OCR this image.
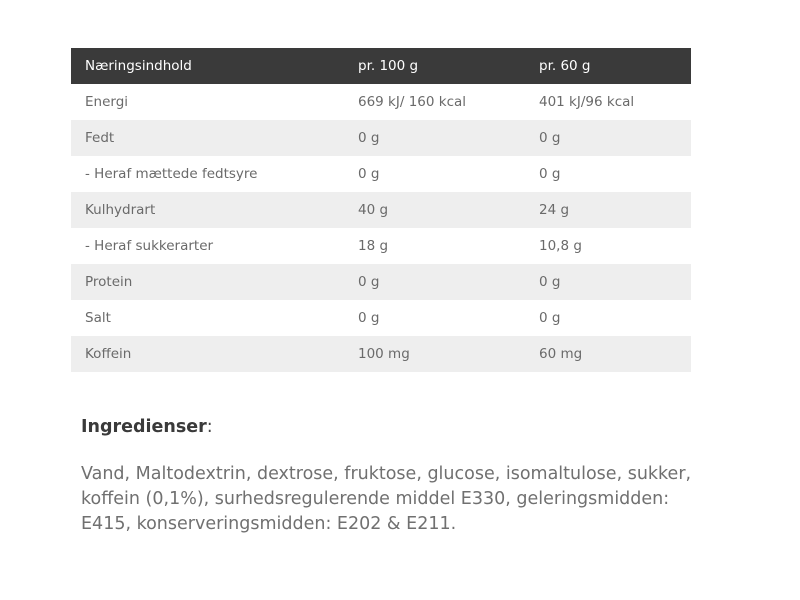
Næringsindhold	pr. 100 g	pr. 60 g
Energi	669 kJ/ 160 kcal	401 kJ/96 kcal
Fedt	0 g	0 g
- Heraf mættede fedtsyre	0 g	0 g
Kulhydrart	40 g	24 g
- Heraf sukkerarter	18 g	10,8 g
Protein	0 g	0 g
Salt	0 g	0 g
Koffein	100 mg	60 mg

Ingredienser:

Vand, Maltodextrin, dextrose, fruktose, glucose, isomaltulose, sukker, koffein (0,1%), surhedsregulerende middel E330, geleringsmidden: E415, konserveringsmidden: E202 & E211.
